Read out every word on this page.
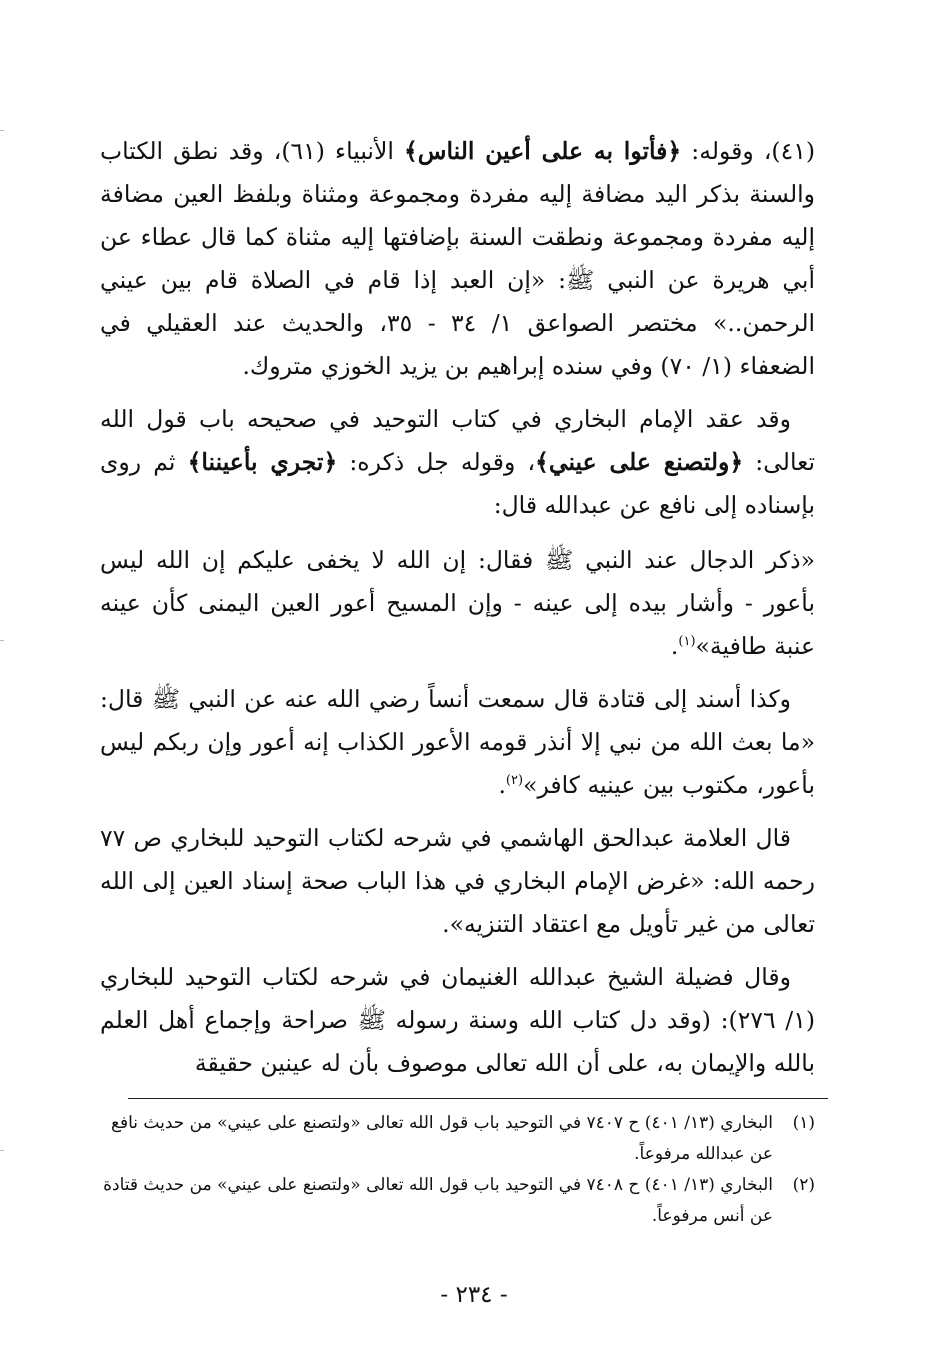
(٤١)، وقوله: ﴿فأتوا به على أعين الناس﴾ الأنبياء (٦١)، وقد نطق الكتاب والسنة بذكر اليد مضافة إليه مفردة ومجموعة ومثناة وبلفظ العين مضافة إليه مفردة ومجموعة ونطقت السنة بإضافتها إليه مثناة كما قال عطاء عن أبي هريرة عن النبي ﷺ: «إن العبد إذا قام في الصلاة قام بين عيني الرحمن..» مختصر الصواعق ١/ ٣٤ - ٣٥، والحديث عند العقيلي في الضعفاء (١/ ٧٠) وفي سنده إبراهيم بن يزيد الخوزي متروك.

وقد عقد الإمام البخاري في كتاب التوحيد في صحيحه باب قول الله تعالى: ﴿ولتصنع على عيني﴾، وقوله جل ذكره: ﴿تجري بأعيننا﴾ ثم روى بإسناده إلى نافع عن عبدالله قال:

«ذكر الدجال عند النبي ﷺ فقال: إن الله لا يخفى عليكم إن الله ليس بأعور - وأشار بيده إلى عينه - وإن المسيح أعور العين اليمنى كأن عينه عنبة طافية»$^{(١)}$.

وكذا أسند إلى قتادة قال سمعت أنساً رضي الله عنه عن النبي ﷺ قال: «ما بعث الله من نبي إلا أنذر قومه الأعور الكذاب إنه أعور وإن ربكم ليس بأعور، مكتوب بين عينيه كافر»$^{(٢)}$.

قال العلامة عبدالحق الهاشمي في شرحه لكتاب التوحيد للبخاري ص ٧٧ رحمه الله: «غرض الإمام البخاري في هذا الباب صحة إسناد العين إلى الله تعالى من غير تأويل مع اعتقاد التنزيه».

وقال فضيلة الشيخ عبدالله الغنيمان في شرحه لكتاب التوحيد للبخاري (١/ ٢٧٦): (وقد دل كتاب الله وسنة رسوله ﷺ صراحة وإجماع أهل العلم بالله والإيمان به، على أن الله تعالى موصوف بأن له عينين حقيقة

(١)
البخاري (١٣/ ٤٠١) ح ٧٤٠٧ في التوحيد باب قول الله تعالى «ولتصنع على عيني» من حديث نافع عن عبدالله مرفوعاً.

(٢)
البخاري (١٣/ ٤٠١) ح ٧٤٠٨ في التوحيد باب قول الله تعالى «ولتصنع على عيني» من حديث قتادة عن أنس مرفوعاً.

- ٢٣٤ -
